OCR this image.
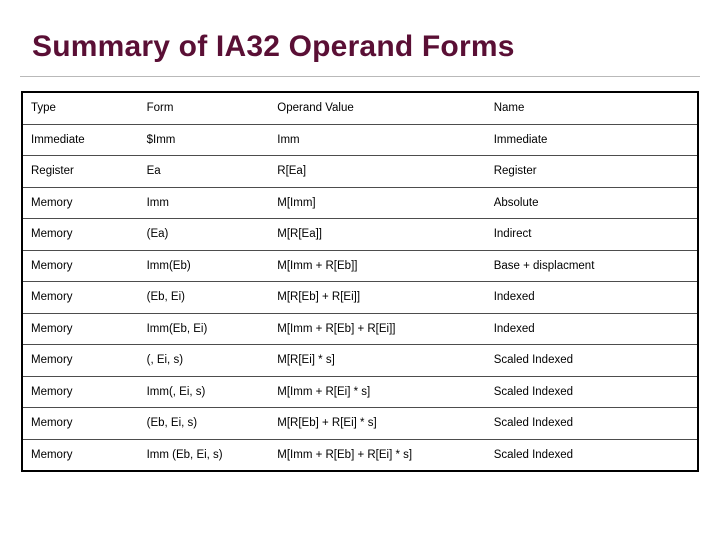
Summary of IA32 Operand Forms
Type	Form	Operand Value	Name
Immediate	$Imm	Imm	Immediate
Register	Ea	R[Ea]	Register
Memory	Imm	M[Imm]	Absolute
Memory	(Ea)	M[R[Ea]]	Indirect
Memory	Imm(Eb)	M[Imm + R[Eb]]	Base + displacment
Memory	(Eb, Ei)	M[R[Eb] + R[Ei]]	Indexed
Memory	Imm(Eb, Ei)	M[Imm + R[Eb] + R[Ei]]	Indexed
Memory	(, Ei, s)	M[R[Ei] * s]	Scaled Indexed
Memory	Imm(, Ei, s)	M[Imm + R[Ei] * s]	Scaled Indexed
Memory	(Eb, Ei, s)	M[R[Eb] + R[Ei] * s]	Scaled Indexed
Memory	Imm (Eb, Ei, s)	M[Imm + R[Eb] + R[Ei] * s]	Scaled Indexed
